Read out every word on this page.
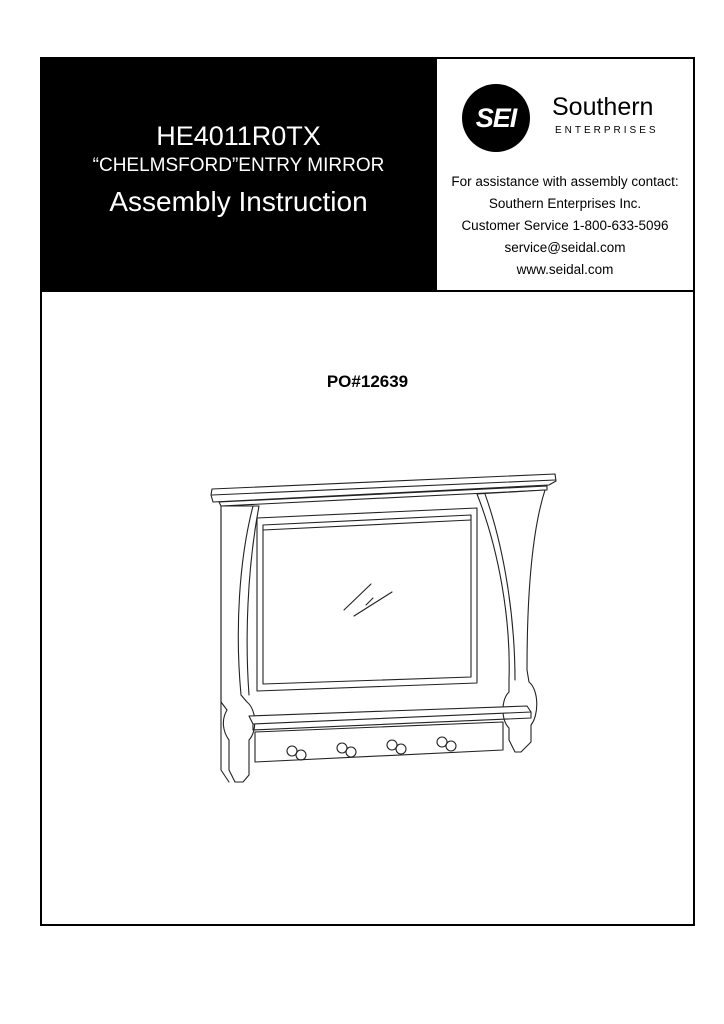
HE4011R0TX
“CHELMSFORD”ENTRY MIRROR
Assembly Instruction
SEI	Southern
ENTERPRISES
For assistance with assembly contact:
Southern Enterprises Inc.
Customer Service 1-800-633-5096
service@seidal.com
www.seidal.com
PO#12639
